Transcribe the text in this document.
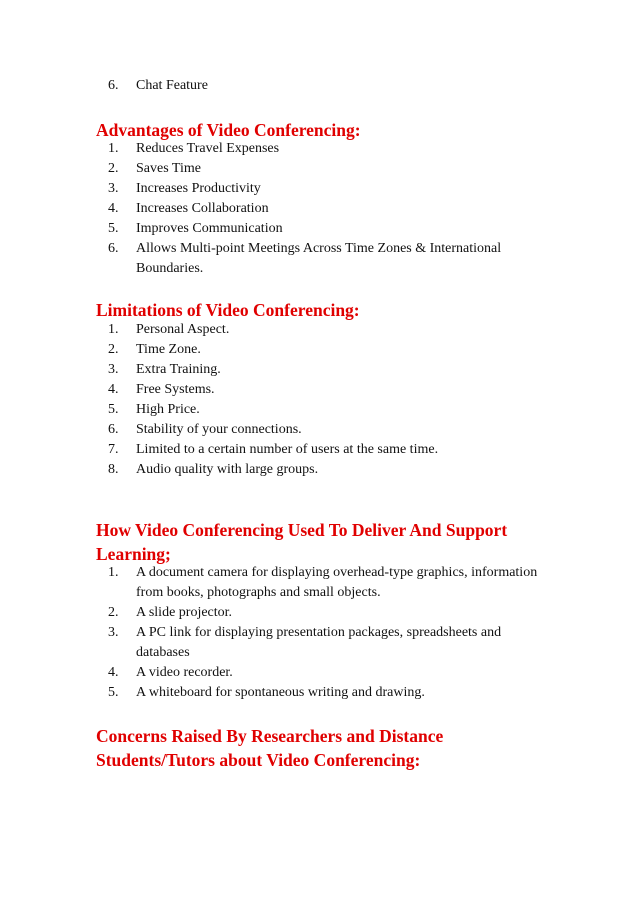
6. Chat Feature
Advantages of Video Conferencing:
1. Reduces Travel Expenses
2. Saves Time
3. Increases Productivity
4. Increases Collaboration
5. Improves Communication
6. Allows Multi-point Meetings Across Time Zones & International Boundaries.
Limitations of Video Conferencing:
1. Personal Aspect.
2. Time Zone.
3. Extra Training.
4. Free Systems.
5. High Price.
6. Stability of your connections.
7. Limited to a certain number of users at the same time.
8. Audio quality with large groups.
How Video Conferencing Used To Deliver And Support Learning;
1. A document camera for displaying overhead-type graphics, information from books, photographs and small objects.
2. A slide projector.
3. A PC link for displaying presentation packages, spreadsheets and databases
4. A video recorder.
5. A whiteboard for spontaneous writing and drawing.
Concerns Raised By Researchers and Distance Students/Tutors about Video Conferencing:
